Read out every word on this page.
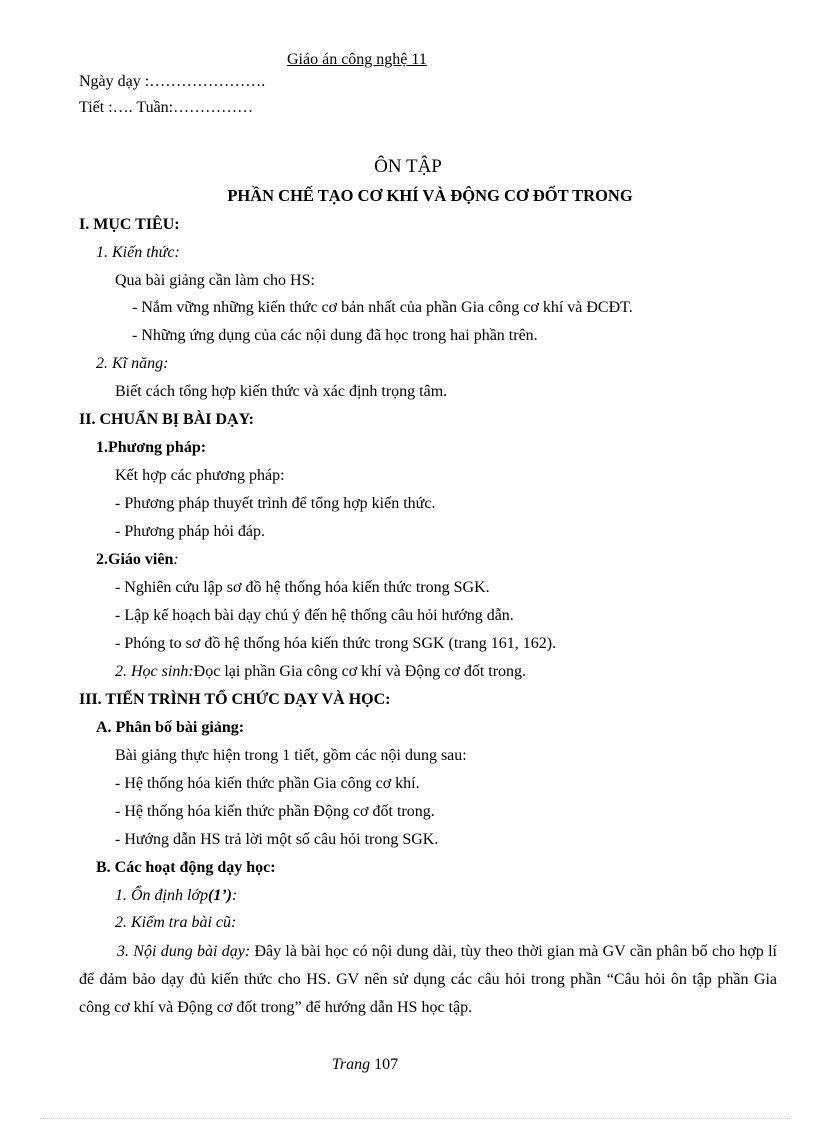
Giáo án công nghệ 11
Ngày dạy :………………….
Tiết :…. Tuần:……………
ÔN TẬP
PHẦN CHẾ TẠO CƠ KHÍ VÀ ĐỘNG CƠ ĐỐT TRONG
I. MỤC TIÊU:
1. Kiến thức:
Qua bài giảng cần làm cho HS:
- Nắm vững những kiến thức cơ bản nhất của phần Gia công cơ khí và ĐCĐT.
- Những ứng dụng của các nội dung đã học trong hai phần trên.
2. Kĩ năng:
Biết cách tổng hợp kiến thức và xác định trọng tâm.
II. CHUẨN BỊ BÀI DẠY:
1.Phương pháp:
Kết hợp các phương pháp:
- Phương pháp thuyết trình để tổng hợp kiến thức.
- Phương pháp hỏi đáp.
2.Giáo viên:
- Nghiên cứu lập sơ đồ hệ thống hóa kiến thức trong SGK.
- Lập kế hoạch bài dạy chú ý đến hệ thống câu hỏi hướng dẫn.
- Phóng to sơ đồ hệ thống hóa kiến thức trong SGK (trang 161, 162).
2. Học sinh:Đọc lại phần Gia công cơ khí và Động cơ đốt trong.
III. TIẾN TRÌNH TỔ CHỨC DẠY VÀ HỌC:
A. Phân bố bài giảng:
Bài giảng thực hiện trong 1 tiết, gồm các nội dung sau:
- Hệ thống hóa kiến thức phần Gia công cơ khí.
- Hệ thống hóa kiến thức phần Động cơ đốt trong.
- Hướng dẫn HS trả lời một số câu hỏi trong SGK.
B. Các hoạt động dạy học:
1. Ổn định lớp(1’):
2. Kiểm tra bài cũ:
3. Nội dung bài dạy: Đây là bài học có nội dung dài, tùy theo thời gian mà GV cần phân bố cho hợp lí để đảm bảo dạy đủ kiến thức cho HS. GV nên sử dụng các câu hỏi trong phần “Câu hỏi ôn tập phần Gia công cơ khí và Động cơ đốt trong” để hướng dẫn HS học tập.
Trang 107
